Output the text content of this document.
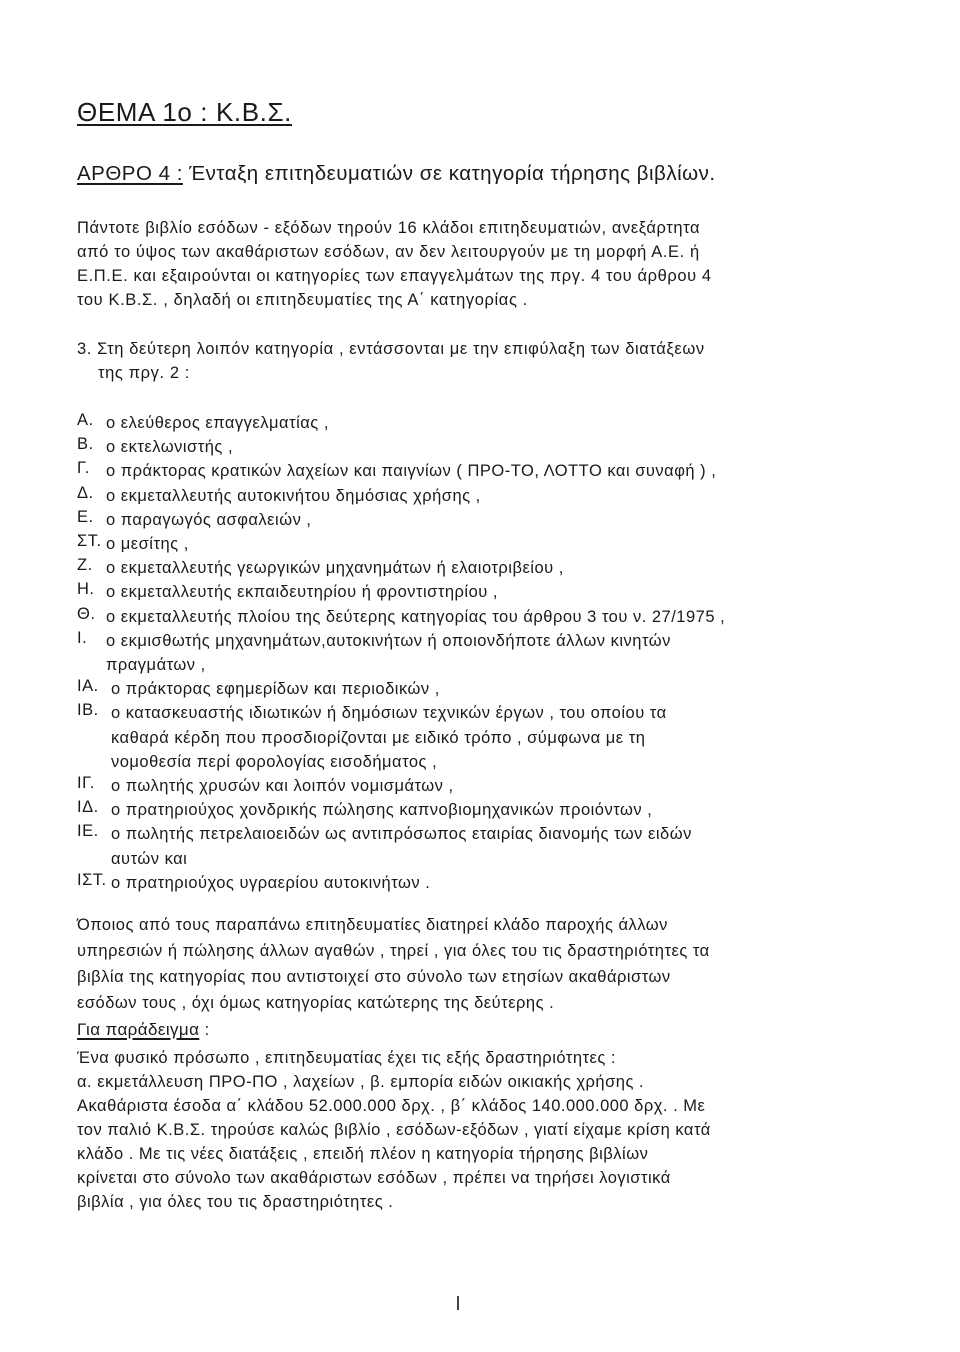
ΘΕΜΑ 1ο : Κ.Β.Σ.
ΑΡΘΡΟ 4 : Ένταξη επιτηδευματιών σε κατηγορία τήρησης βιβλίων.
Πάντοτε βιβλίο εσόδων - εξόδων τηρούν 16 κλάδοι επιτηδευματιών, ανεξάρτητα
από το ύψος των ακαθάριστων εσόδων, αν δεν λειτουργούν με τη μορφή Α.Ε. ή
Ε.Π.Ε. και εξαιρούνται οι κατηγορίες των επαγγελμάτων της πργ. 4 του άρθρου 4
του Κ.Β.Σ. , δηλαδή οι επιτηδευματίες της Α΄ κατηγορίας .
3. Στη δεύτερη λοιπόν κατηγορία , εντάσσονται με την επιφύλαξη των διατάξεων
της πργ. 2 :
Α. ο ελεύθερος επαγγελματίας ,
Β. ο εκτελωνιστής ,
Γ. ο πράκτορας κρατικών λαχείων και παιγνίων ( ΠΡΟ-ΤΟ, ΛΟΤΤΟ και συναφή ) ,
Δ. ο εκμεταλλευτής αυτοκινήτου δημόσιας χρήσης ,
Ε. ο παραγωγός ασφαλειών ,
ΣΤ. ο μεσίτης ,
Ζ. ο εκμεταλλευτής γεωργικών μηχανημάτων ή ελαιοτριβείου ,
Η. ο εκμεταλλευτής εκπαιδευτηρίου ή φροντιστηρίου ,
Θ. ο εκμεταλλευτής πλοίου της δεύτερης κατηγορίας του άρθρου 3 του ν. 27/1975 ,
Ι. ο εκμισθωτής μηχανημάτων,αυτοκινήτων ή οποιονδήποτε άλλων κινητών
πραγμάτων ,
ΙΑ. ο πράκτορας εφημερίδων και περιοδικών ,
ΙΒ. ο κατασκευαστής ιδιωτικών ή δημόσιων τεχνικών έργων , του οποίου τα
καθαρά κέρδη που προσδιορίζονται με ειδικό τρόπο , σύμφωνα με τη
νομοθεσία περί φορολογίας εισοδήματος ,
ΙΓ. ο πωλητής χρυσών και λοιπόν νομισμάτων ,
ΙΔ. ο πρατηριούχος χονδρικής πώλησης καπνοβιομηχανικών προιόντων ,
ΙΕ. ο πωλητής πετρελαιοειδών ως αντιπρόσωπος εταιρίας διανομής των ειδών
αυτών και
ΙΣΤ. ο πρατηριούχος υγραερίου αυτοκινήτων .
Όποιος από τους παραπάνω επιτηδευματίες διατηρεί κλάδο παροχής άλλων
υπηρεσιών ή πώλησης άλλων αγαθών , τηρεί , για όλες του τις δραστηριότητες τα
βιβλία της κατηγορίας που αντιστοιχεί στο σύνολο των ετησίων ακαθάριστων
εσόδων τους , όχι όμως κατηγορίας κατώτερης της δεύτερης .
Για παράδειγμα :
Ένα φυσικό πρόσωπο , επιτηδευματίας έχει τις εξής δραστηριότητες :
α. εκμετάλλευση ΠΡΟ-ΠΟ , λαχείων , β. εμπορία ειδών οικιακής χρήσης .
Ακαθάριστα έσοδα α΄ κλάδου 52.000.000 δρχ. , β΄ κλάδος 140.000.000 δρχ. . Με
τον παλιό Κ.Β.Σ. τηρούσε καλώς βιβλίο , εσόδων-εξόδων , γιατί είχαμε κρίση κατά
κλάδο . Με τις νέες διατάξεις , επειδή πλέον η κατηγορία τήρησης βιβλίων
κρίνεται στο σύνολο των ακαθάριστων εσόδων , πρέπει να τηρήσει λογιστικά
βιβλία , για όλες του τις δραστηριότητες .
